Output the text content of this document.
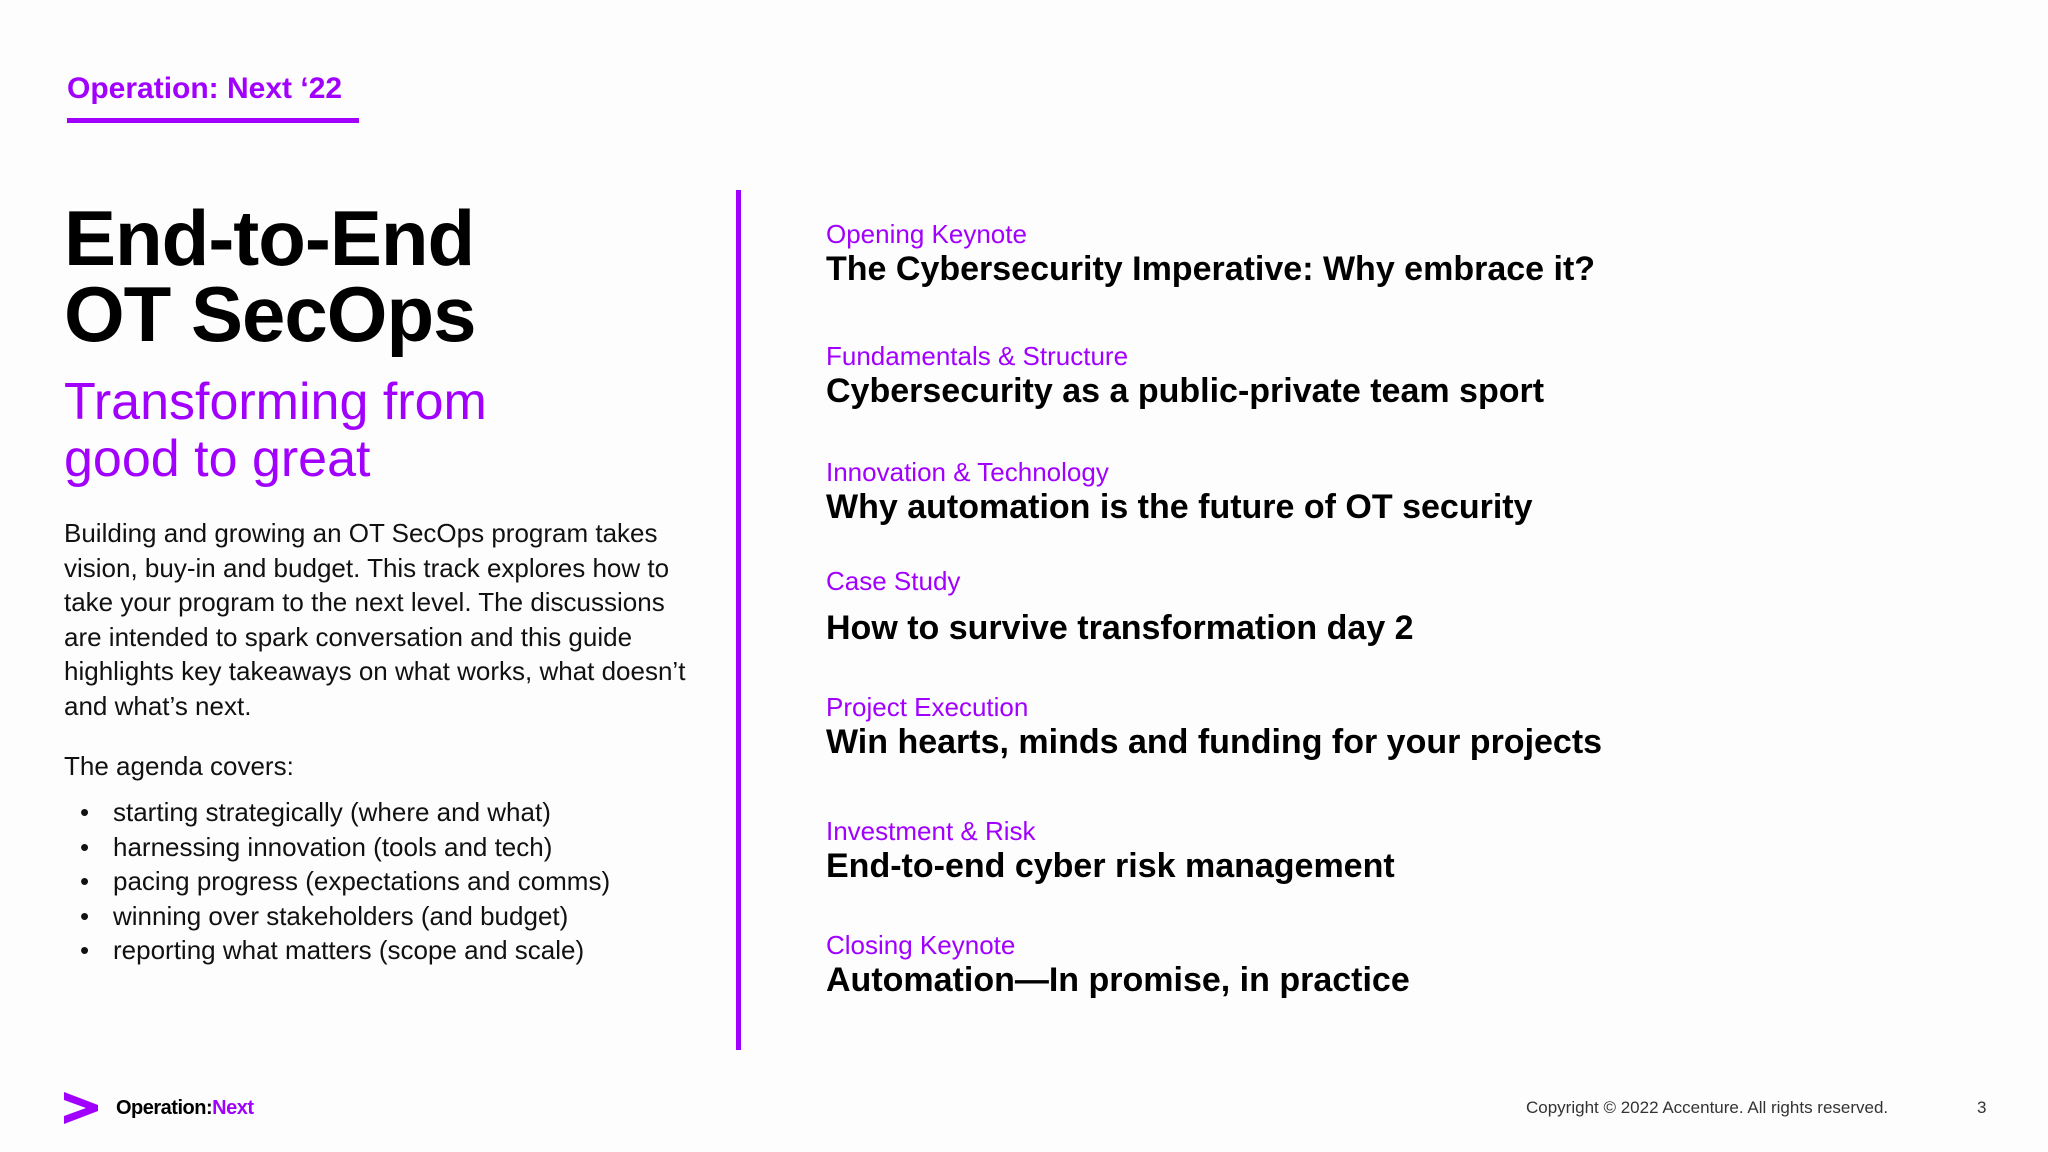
Operation: Next ‘22
End-to-End
OT SecOps
Transforming from
good to great

Building and growing an OT SecOps program takes vision, buy-in and budget. This track explores how to take your program to the next level. The discussions are intended to spark conversation and this guide highlights key takeaways on what works, what doesn’t and what’s next.

The agenda covers:
• starting strategically (where and what)
• harnessing innovation (tools and tech)
• pacing progress (expectations and comms)
• winning over stakeholders (and budget)
• reporting what matters (scope and scale)
Opening Keynote
The Cybersecurity Imperative: Why embrace it?
Fundamentals & Structure
Cybersecurity as a public-private team sport
Innovation & Technology
Why automation is the future of OT security
Case Study
How to survive transformation day 2
Project Execution
Win hearts, minds and funding for your projects
Investment & Risk
End-to-end cyber risk management
Closing Keynote
Automation—In promise, in practice
Operation:Next	Copyright © 2022 Accenture. All rights reserved.	3
